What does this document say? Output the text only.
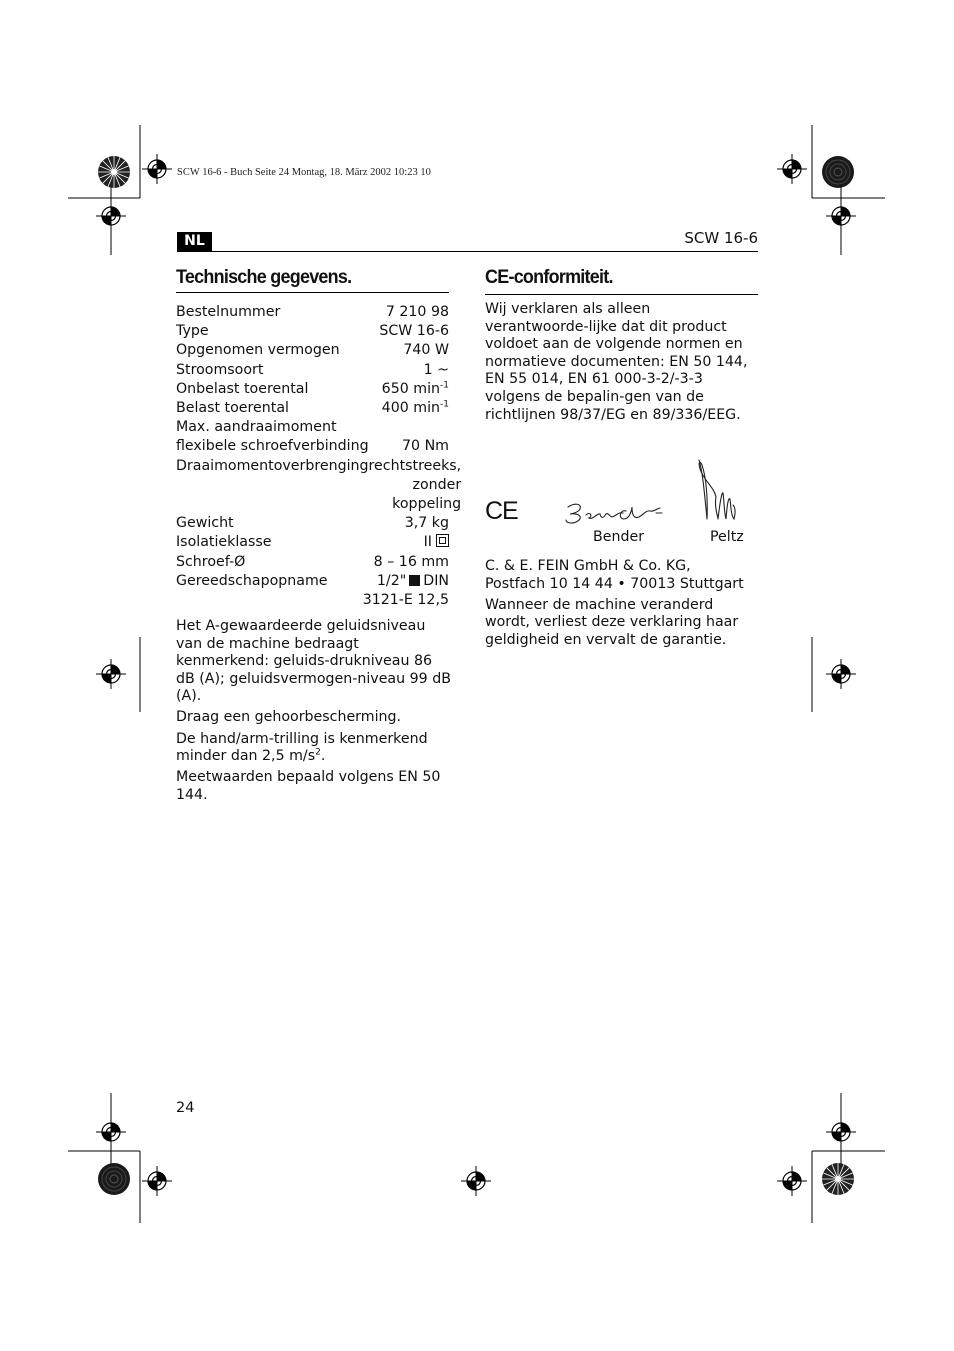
SCW 16-6 - Buch Seite 24 Montag, 18. März 2002 10:23 10
NL	SCW 16-6
Technische gegevens.
Bestelnummer	7 210 98
Type	SCW 16-6
Opgenomen vermogen	740 W
Stroomsoort	1 ~
Onbelast toerental	650 $\min^{-1}$
Belast toerental	400 $\min^{-1}$
Max. aandraaimoment
flexibele schroefverbinding 70 Nm
Draaimomentoverbrenging rechtstreeks,
zonder
koppeling
Gewicht	3,7 kg
Isolatieklasse	II
Schroef-Ø	8 – 16 mm
Gereedschapopname	1/2" DIN
3121-E 12,5

Het A-gewaardeerde geluidsniveau van de machine bedraagt kenmerkend: geluids-drukniveau 86 dB (A); geluidsvermogen-niveau 99 dB (A).

Draag een gehoorbescherming.

De hand/arm-trilling is kenmerkend minder dan 2,5 $m/s^2$.

Meetwaarden bepaald volgens EN 50 144.

CE-conformiteit.
Wij verklaren als alleen verantwoorde-lijke dat dit product voldoet aan de volgende normen en normatieve documenten: EN 50 144, EN 55 014, EN 61 000-3-2/-3-3 volgens de bepalin-gen van de richtlijnen 98/37/EG en 89/336/EEG.
CE
Bender	Peltz
C. & E. FEIN GmbH & Co. KG,
Postfach 10 14 44 • 70013 Stuttgart
Wanneer de machine veranderd wordt, verliest deze verklaring haar geldigheid en vervalt de garantie.
24
